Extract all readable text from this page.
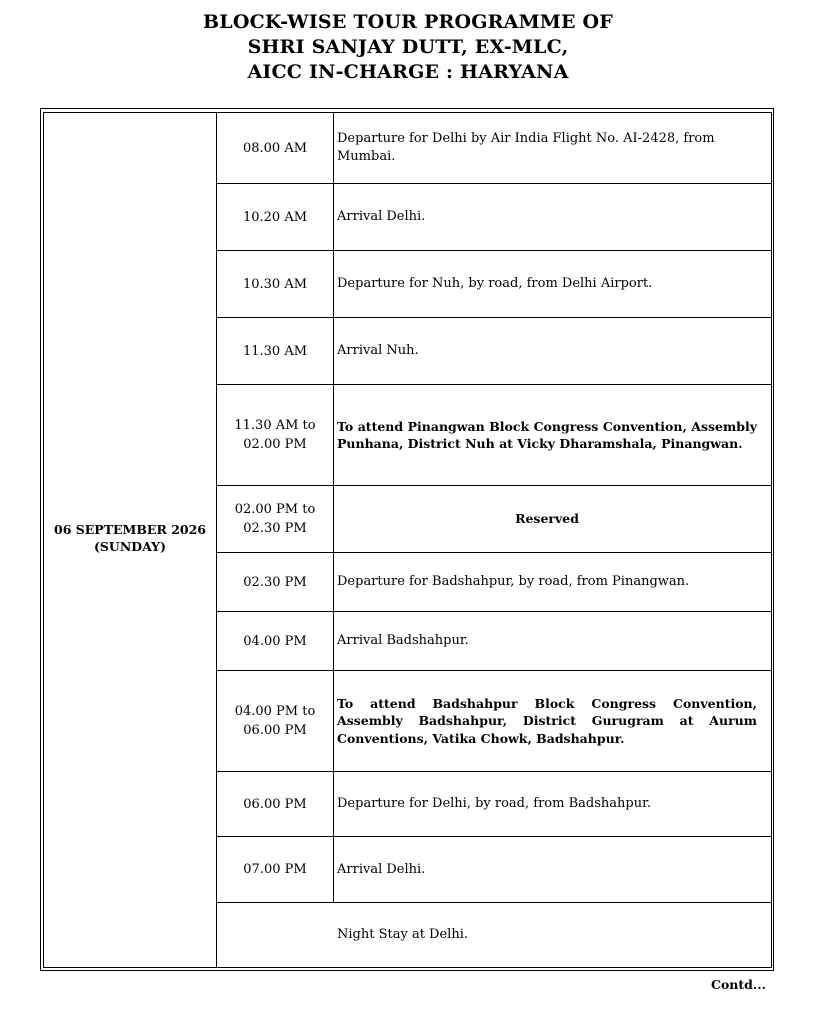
BLOCK-WISE TOUR PROGRAMME OF
SHRI SANJAY DUTT, EX-MLC,
AICC IN-CHARGE : HARYANA
06 SEPTEMBER 2026
(SUNDAY)
08.00 AM
Departure for Delhi by Air India Flight No. AI-2428, from Mumbai.
10.20 AM Arrival Delhi.
10.30 AM Departure for Nuh, by road, from Delhi Airport.
11.30 AM Arrival Nuh.
11.30 AM to
02.00 PM
To attend Pinangwan Block Congress Convention, Assembly Punhana, District Nuh at Vicky Dharamshala, Pinangwan.
02.00 PM to
02.30 PM
Reserved
02.30 PM Departure for Badshahpur, by road, from Pinangwan.
04.00 PM Arrival Badshahpur.
04.00 PM to
06.00 PM
To attend Badshahpur Block Congress Convention, Assembly Badshahpur, District Gurugram at Aurum Conventions, Vatika Chowk, Badshahpur.
06.00 PM Departure for Delhi, by road, from Badshahpur.
07.00 PM Arrival Delhi.
Night Stay at Delhi.
Contd...
